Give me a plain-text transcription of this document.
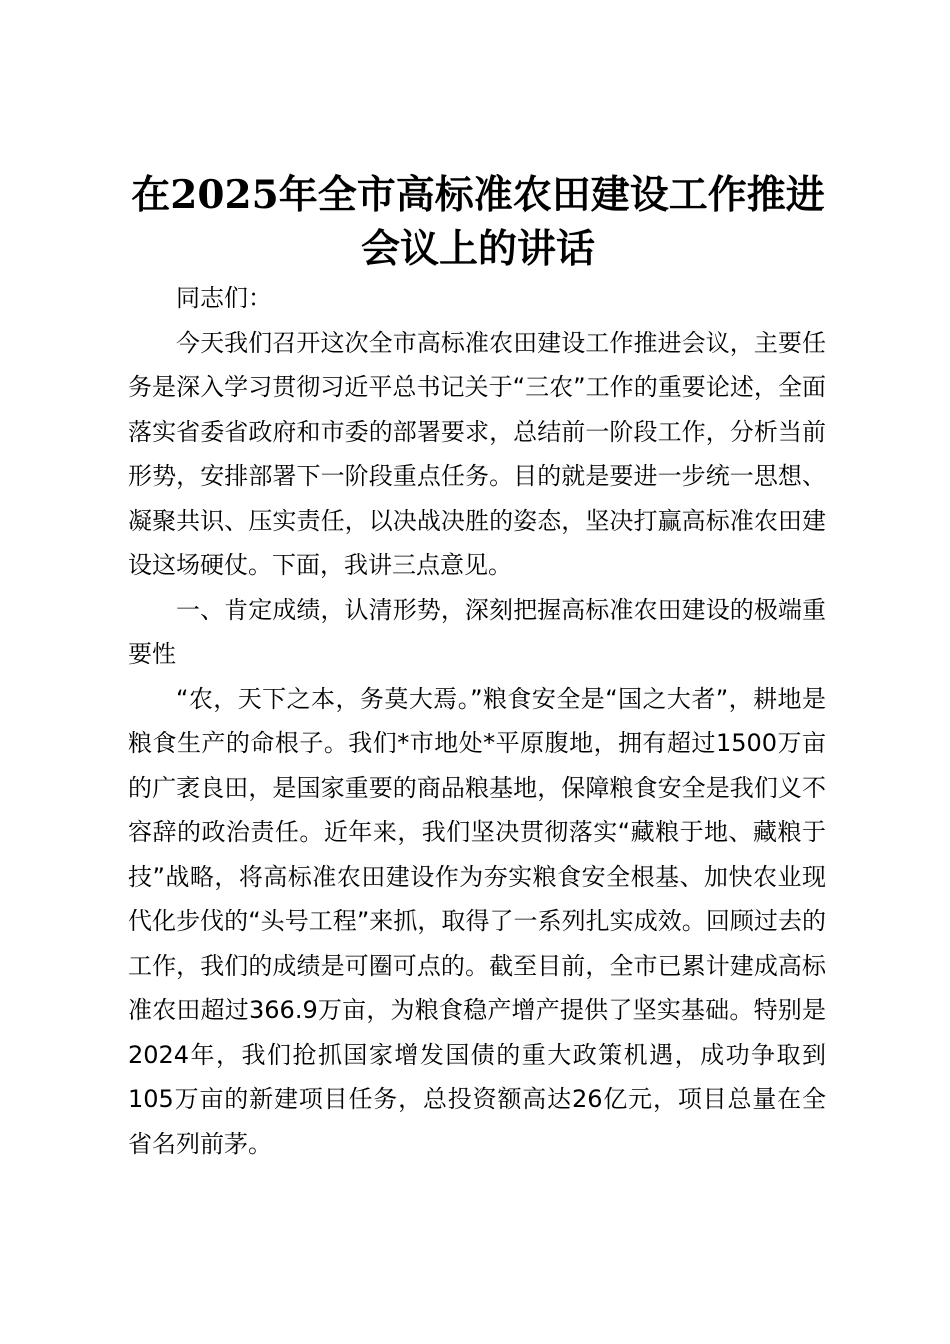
在2025年全市高标准农田建设工作推进会议上的讲话

同志们：

今天我们召开这次全市高标准农田建设工作推进会议，主要任务是深入学习贯彻习近平总书记关于“三农”工作的重要论述，全面落实省委省政府和市委的部署要求，总结前一阶段工作，分析当前形势，安排部署下一阶段重点任务。目的就是要进一步统一思想、凝聚共识、压实责任，以决战决胜的姿态，坚决打赢高标准农田建设这场硬仗。下面，我讲三点意见。

一、肯定成绩，认清形势，深刻把握高标准农田建设的极端重要性

“农，天下之本，务莫大焉。”粮食安全是“国之大者”，耕地是粮食生产的命根子。我们*市地处*平原腹地，拥有超过1500万亩的广袤良田，是国家重要的商品粮基地，保障粮食安全是我们义不容辞的政治责任。近年来，我们坚决贯彻落实“藏粮于地、藏粮于技”战略，将高标准农田建设作为夯实粮食安全根基、加快农业现代化步伐的“头号工程”来抓，取得了一系列扎实成效。回顾过去的工作，我们的成绩是可圈可点的。截至目前，全市已累计建成高标准农田超过366.9万亩，为粮食稳产增产提供了坚实基础。特别是2024年，我们抢抓国家增发国债的重大政策机遇，成功争取到105万亩的新建项目任务，总投资额高达26亿元，项目总量在全省名列前茅。
